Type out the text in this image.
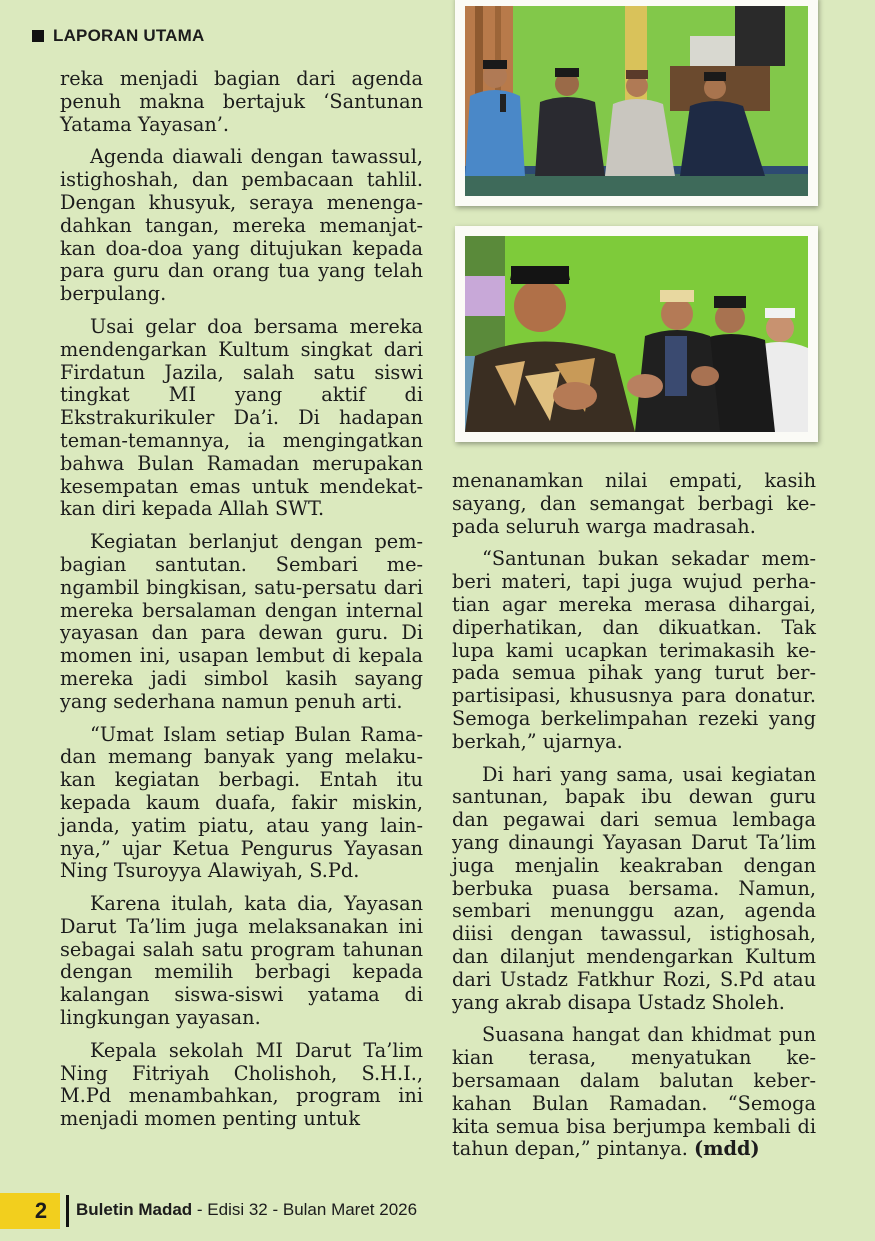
LAPORAN UTAMA

reka menjadi bagian dari agenda penuh makna bertajuk ‘Santunan Yatama Yayasan’.

Agenda diawali dengan tawassul, istighoshah, dan pembacaan tahlil. Dengan khusyuk, seraya menengadahkan tangan, mereka memanjatkan doa-doa yang ditujukan kepada para guru dan orang tua yang telah berpulang.

Usai gelar doa bersama mereka mendengarkan Kultum singkat dari Firdatun Jazila, salah satu siswi tingkat MI yang aktif di Ekstrakurikuler Da’i. Di hadapan teman-temannya, ia mengingatkan bahwa Bulan Ramadan merupakan kesempatan emas untuk mendekatkan diri kepada Allah SWT.

Kegiatan berlanjut dengan pembagian santutan. Sembari mengambil bingkisan, satu-persatu dari mereka bersalaman dengan internal yayasan dan para dewan guru. Di momen ini, usapan lembut di kepala mereka jadi simbol kasih sayang yang sederhana namun penuh arti.

“Umat Islam setiap Bulan Ramadan memang banyak yang melakukan kegiatan berbagi. Entah itu kepada kaum duafa, fakir miskin, janda, yatim piatu, atau yang lainnya,” ujar Ketua Pengurus Yayasan Ning Tsuroyya Alawiyah, S.Pd.

Karena itulah, kata dia, Yayasan Darut Ta’lim juga melaksanakan ini sebagai salah satu program tahunan dengan memilih berbagi kepada kalangan siswa-siswi yatama di lingkungan yayasan.

Kepala sekolah MI Darut Ta’lim Ning Fitriyah Cholishoh, S.H.I., M.Pd menambahkan, program ini menjadi momen penting untuk

menanamkan nilai empati, kasih sayang, dan semangat berbagi kepada seluruh warga madrasah.

“Santunan bukan sekadar memberi materi, tapi juga wujud perhatian agar mereka merasa dihargai, diperhatikan, dan dikuatkan. Tak lupa kami ucapkan terimakasih kepada semua pihak yang turut berpartisipasi, khususnya para donatur. Semoga berkelimpahan rezeki yang berkah,” ujarnya.

Di hari yang sama, usai kegiatan santunan, bapak ibu dewan guru dan pegawai dari semua lembaga yang dinaungi Yayasan Darut Ta’lim juga menjalin keakraban dengan berbuka puasa bersama. Namun, sembari menunggu azan, agenda diisi dengan tawassul, istighosah, dan dilanjut mendengarkan Kultum dari Ustadz Fatkhur Rozi, S.Pd atau yang akrab disapa Ustadz Sholeh.

Suasana hangat dan khidmat pun kian terasa, menyatukan kebersamaan dalam balutan keberkahan Bulan Ramadan. “Semoga kita semua bisa berjumpa kembali di tahun depan,” pintanya. (mdd)

2	Buletin Madad - Edisi 32 - Bulan Maret 2026
